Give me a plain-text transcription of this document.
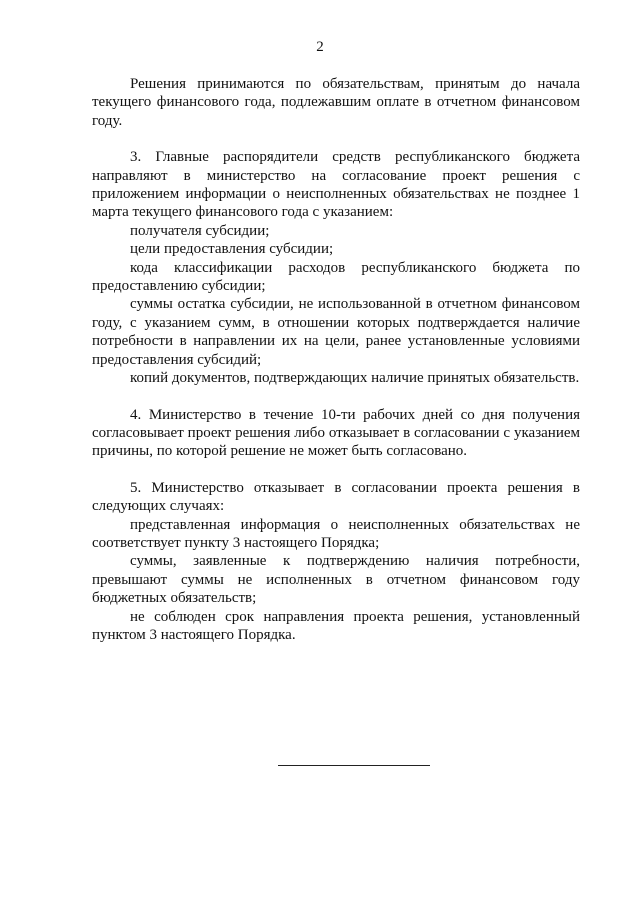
2

Решения принимаются по обязательствам, принятым до начала текущего финансового года, подлежавшим оплате в отчетном финансовом году.

3. Главные распорядители средств республиканского бюджета направляют в министерство на согласование проект решения с приложением информации о неисполненных обязательствах не позднее 1 марта текущего финансового года с указанием:

получателя субсидии;

цели предоставления субсидии;

кода классификации расходов республиканского бюджета по предоставлению субсидии;

суммы остатка субсидии, не использованной в отчетном финансовом году, с указанием сумм, в отношении которых подтверждается наличие потребности в направлении их на цели, ранее установленные условиями предоставления субсидий;

копий документов, подтверждающих наличие принятых обязательств.

4. Министерство в течение 10-ти рабочих дней со дня получения согласовывает проект решения либо отказывает в согласовании с указанием причины, по которой решение не может быть согласовано.

5. Министерство отказывает в согласовании проекта решения в следующих случаях:

представленная информация о неисполненных обязательствах не соответствует пункту 3 настоящего Порядка;

суммы, заявленные к подтверждению наличия потребности, превышают суммы не исполненных в отчетном финансовом году бюджетных обязательств;

не соблюден срок направления проекта решения, установленный пунктом 3 настоящего Порядка.
